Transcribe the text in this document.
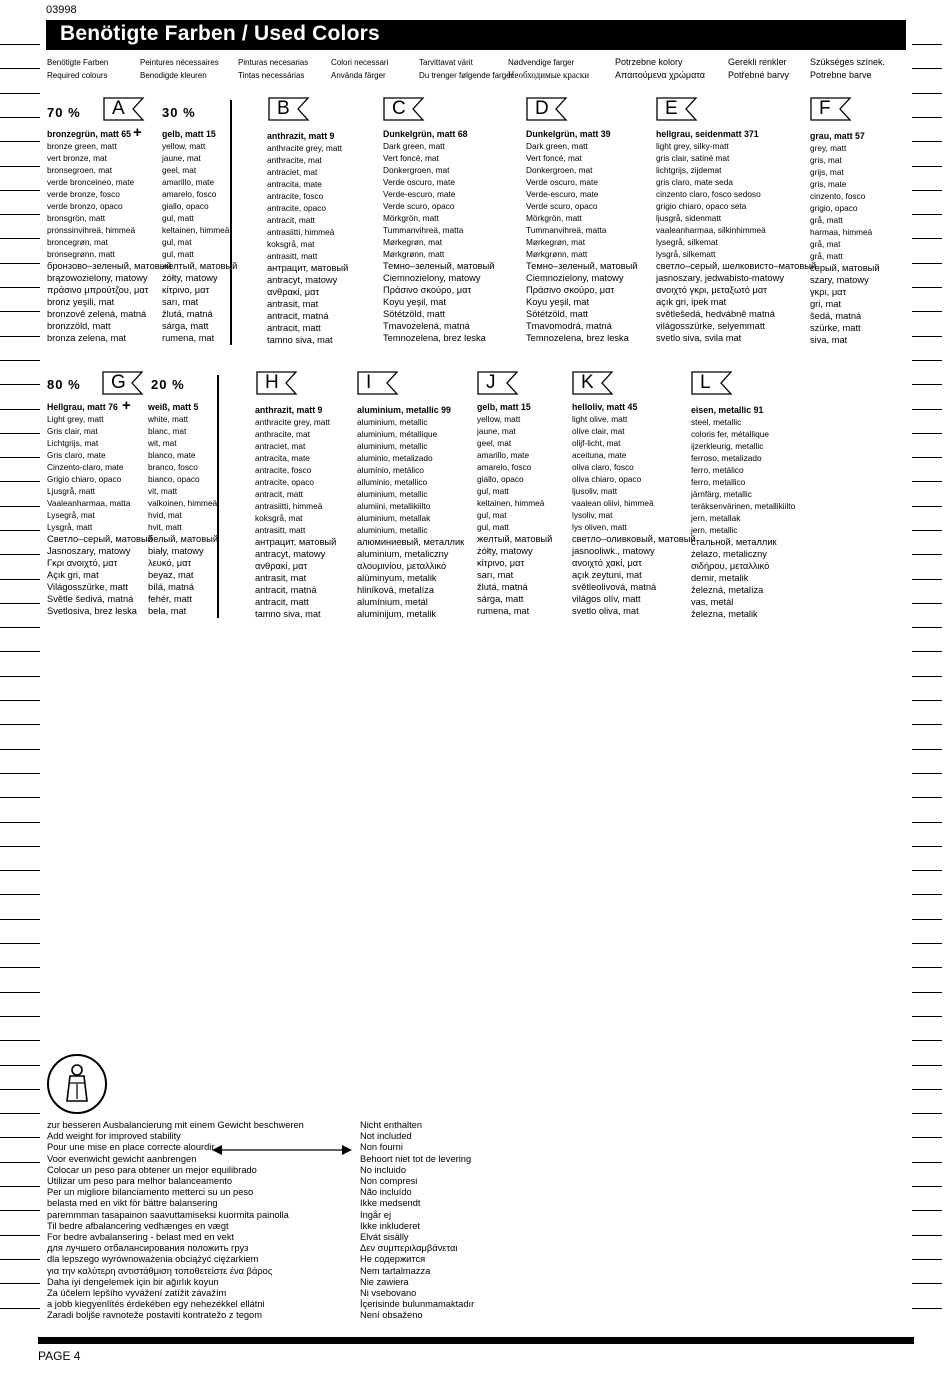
03998
Benötigte Farben / Used Colors
Benötigte Farben
Required colours
Peintures nécessaires
Benodigde kleuren
Pinturas necesarias
Tintas necessárias
Colori necessari
Använda färger
Tarvittavat värit
Du trenger følgende farger
Nødvendige farger
Необходимые краски
Potrzebne kolory
Απαιτούμενα χρώματα
Gerekli renkler
Potřebné barvy
Szükséges színek.
Potrebne barve
70 % A	30 %
+
bronzegrün, matt 65
bronze green, matt
vert bronze, mat
bronsegroen, mat
verde bronceineo, mate
verde bronze, fosco
verde bronzo, opaco
bronsgrön, matt
pronssinvihreä, himmeä
broncegrøn, mat
bronsegrønn, matt
бронзово–зеленый, матовый
brązowozielony, matowy
πράσινο μπρούτζου, ματ
bronz yeşili, mat
bronzově zelená, matná
bronzzöld, matt
bronza zelena, mat
gelb, matt 15
yellow, matt
jaune, mat
geel, mat
amarillo, mate
amarelo, fosco
giallo, opaco
gul, matt
keltainen, himmeä
gul, mat
gul, matt
желтый, матовый
żółty, matowy
κίτρινο, ματ
sarı, mat
žlutá, matná
sárga, matt
rumena, mat
B
anthrazit, matt 9
anthracite grey, matt
anthracite, mat
antraciet, mat
antracita, mate
antracite, fosco
antracite, opaco
antracit, matt
antrasiitti, himmeä
koksgrå, mat
antrasitt, matt
антрацит, матовый
antracyt, matowy
ανθρακί, ματ
antrasit, mat
antracit, matná
antracit, matt
tamno siva, mat
C
Dunkelgrün, matt 68
Dark green, matt
Vert foncé, mat
Donkergroen, mat
Verde oscuro, mate
Verde-escuro, mate
Verde scuro, opaco
Mörkgrön, matt
Tummanvihreä, matta
Mørkegrøn, mat
Mørkgrønn, matt
Темно–зеленый, матовый
Ciemnozielony, matowy
Πράσινο σκούρο, ματ
Koyu yeşil, mat
Sötétzöld, matt
Tmavozelená, matná
Temnozelena, brez leska
D
Dunkelgrün, matt 39
Dark green, matt
Vert foncé, mat
Donkergroen, mat
Verde oscuro, mate
Verde-escuro, mate
Verde scuro, opaco
Mörkgrön, matt
Tummanvihreä, matta
Mørkegrøn, mat
Mørkgrønn, matt
Темно–зеленый, матовый
Ciemnozielony, matowy
Πράσινο σκούρο, ματ
Koyu yeşil, mat
Sötétzöld, matt
Tmavomodrá, matná
Temnozelena, brez leska
E
hellgrau, seidenmatt 371
light grey, silky-matt
gris clair, satiné mat
lichtgrijs, zijdemat
gris claro, mate seda
cinzento claro, fosco sedoso
grigio chiaro, opaco seta
ljusgrå, sidenmatt
vaaleanharmaa, silkinhimmeä
lysegrå, silkemat
lysgrå, silkematt
светло–серый, шелковисто–матовый
jasnoszary, jedwabisto-matowy
ανοιχτό γκρι, μεταξωτό ματ
açık gri, ipek mat
světlešedá, hedvábně matná
világosszürke, selyemmatt
svetlo siva, svila mat
F
grau, matt 57
grey, matt
gris, mat
grijs, mat
gris, mate
cinzento, fosco
grigio, opaco
grå, matt
harmaa, himmeä
grå, mat
grå, matt
серый, матовый
szary, matowy
γκρι, ματ
gri, mat
šedá, matná
szürke, matt
siva, mat
80 % G 20 %
+
Hellgrau, matt 76
Light grey, matt
Gris clair, mat
Lichtgrijs, mat
Gris claro, mate
Cinzento-claro, mate
Grigio chiaro, opaco
Ljusgrå, matt
Vaaleanharmaa, matta
Lysegrå, mat
Lysgrå, matt
Светло–серый, матовый
Jasnoszary, matowy
Γκρι ανοιχτό, ματ
Açık gri, mat
Világosszürke, matt
Světle šedivá, matná
Svetlosiva, brez leska
weiß, matt 5
white, matt
blanc, mat
wit, mat
blanco, mate
branco, fosco
bianco, opaco
vit, matt
valkoinen, himmeä
hvid, mat
hvit, matt
белый, матовый
biały, matowy
λευκό, ματ
beyaz, mat
bílá, matná
fehér, matt
bela, mat
H
anthrazit, matt 9
anthracite grey, matt
anthracite, mat
antraciet, mat
antracita, mate
antracite, fosco
antracite, opaco
antracit, matt
antrasiitti, himmeä
koksgrå, mat
antrasitt, matt
антрацит, матовый
antracyt, matowy
ανθρακί, ματ
antrasit, mat
antracit, matná
antracit, matt
tamno siva, mat
I
aluminium, metallic 99
aluminium, metallic
aluminium, métallique
aluminium, metallic
aluminio, metalizado
alumínio, metálico
alluminio, metallico
aluminium, metallic
alumiini, metallikiiltо
aluminium, metallak
aluminium, metallic
алюминиевый, металлик
aluminium, metaliczny
αλουμινίου, μεταλλικό
alüminyum, metalik
hliníková, metalíza
alumínium, metál
aluminijum, metalik
J
gelb, matt 15
yellow, matt
jaune, mat
geel, mat
amarillo, mate
amarelo, fosco
giallo, opaco
gul, matt
keltainen, himmeä
gul, mat
gul, matt
желтый, матовый
żółty, matowy
κίτρινο, ματ
sarı, mat
žlutá, matná
sárga, matt
rumena, mat
K
helloliv, matt 45
light olive, matt
olive clair, mat
olijf-licht, mat
aceituna, mate
oliva claro, fosco
oliva chiaro, opaco
ljusoliv, matt
vaalean oliivi, himmeä
lysoliv, mat
lys oliven, matt
светло–оливковый, матовый
jasnooliwk., matowy
ανοιχτό χακί, ματ
açık zeytuni, mat
světleolivová, matná
világos olív, matt
svetlo oliva, mat
L
eisen, metallic 91
steel, metallic
coloris fer, métallique
ijzerkleurig, metallic
ferroso, metalizado
ferro, metálico
ferro, metallico
järnfärg, metallic
teräksenvärinen, metallikiilto
jern, metallak
jern, metallic
стальной, металлик
żelazo, metaliczny
σιδήρου, μεταλλικό
demir, metalik
železná, metalíza
vas, metál
železna, metalik
zur besseren Ausbalancierung mit einem Gewicht beschweren
Add weight for improved stability
Pour une mise en place correcte alourdir
Voor evenwicht gewicht aanbrengen
Colocar un peso para obtener un mejor equilibrado
Utilizar um peso para melhor balanceamento
Per un migliore bilanciamento mettercі su un peso
belasta med en vikt för bättre balansering
paremmman tasapainon saavuttamiseksi kuormita painolla
Til bedre afbalancering vedhænges en vægt
For bedre avbalansering - belast med en vekt
для лучшего отбалансирования положить груз
dla lepszego wyrównoważenia obciążyć ciężarkiem
για την καλύτερη αντιστάθμιση τοποθετείστε ένα βάρος
Daha iyi dengelemek için bir ağırlık koyun
Za účelem lepšího vyvážení zatížit závažím
a jobb kiegyenlítés érdekében egy nehezékkel ellátni
Zaradi boljše ravnoteže postaviti kontratežo z tegom
Nicht enthalten
Not included
Non fourni
Behoort niet tot de levering
No incluido
Non compresi
Não incluído
Ikke medsendt
Ingår ej
Ikke inkluderet
Elvát sisälly
Δεν συμπεριλαμβάνεται
Не содержится
Nem tartalmazza
Nie zawiera
Ni vsebovano
İçerisinde bulunmamaktadır
Není obsaženo
PAGE 4
